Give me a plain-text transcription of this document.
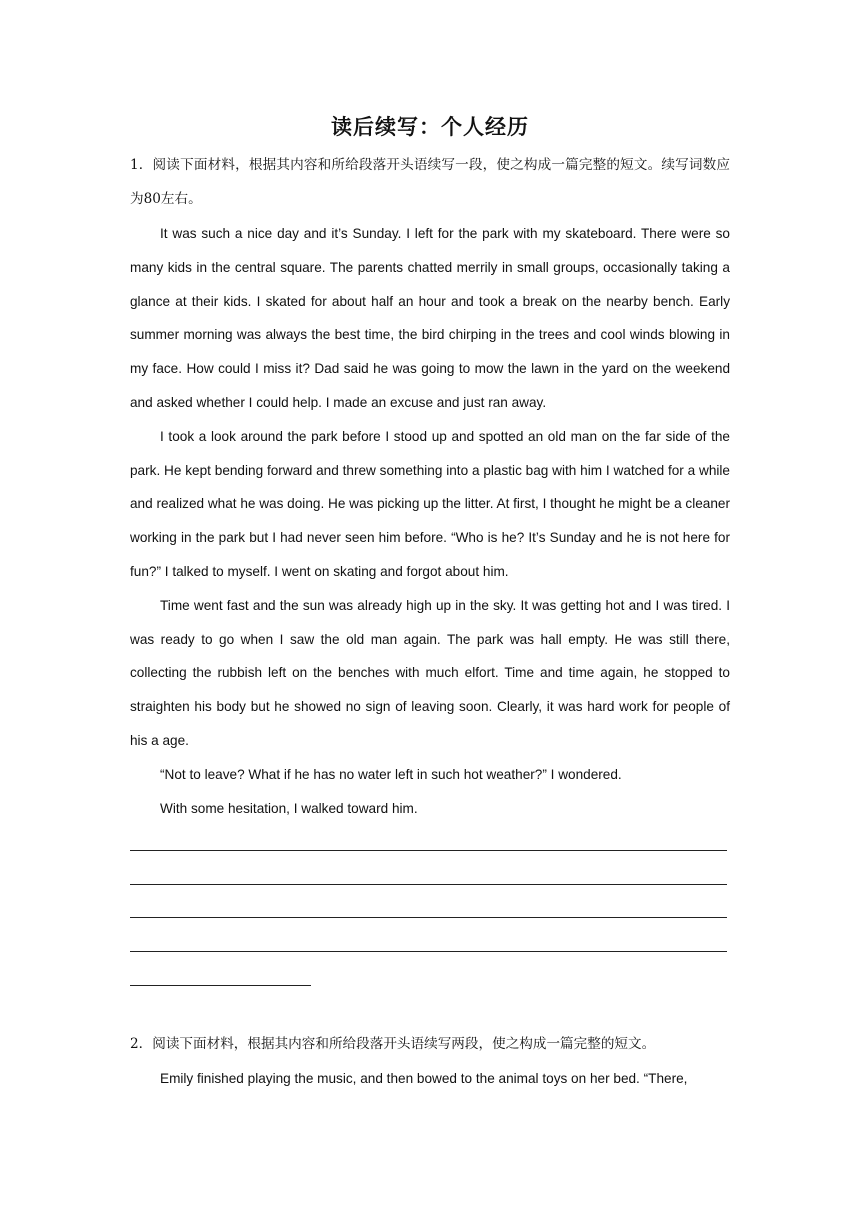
读后续写：个人经历
1．阅读下面材料，根据其内容和所给段落开头语续写一段，使之构成一篇完整的短文。续写词数应为80左右。

It was such a nice day and it’s Sunday. I left for the park with my skateboard. There were so many kids in the central square. The parents chatted merrily in small groups, occasionally taking a glance at their kids. I skated for about half an hour and took a break on the nearby bench. Early summer morning was always the best time, the bird chirping in the trees and cool winds blowing in my face. How could I miss it? Dad said he was going to mow the lawn in the yard on the weekend and asked whether I could help. I made an excuse and just ran away.

I took a look around the park before I stood up and spotted an old man on the far side of the park. He kept bending forward and threw something into a plastic bag with him I watched for a while and realized what he was doing. He was picking up the litter. At first, I thought he might be a cleaner working in the park but I had never seen him before. “Who is he? It’s Sunday and he is not here for fun?” I talked to myself. I went on skating and forgot about him.

Time went fast and the sun was already high up in the sky. It was getting hot and I was tired. I was ready to go when I saw the old man again. The park was hall empty. He was still there, collecting the rubbish left on the benches with much elfort. Time and time again, he stopped to straighten his body but he showed no sign of leaving soon. Clearly, it was hard work for people of his a age.

“Not to leave? What if he has no water left in such hot weather?” I wondered.

With some hesitation, I walked toward him.

2．阅读下面材料，根据其内容和所给段落开头语续写两段，使之构成一篇完整的短文。

Emily finished playing the music, and then bowed to the animal toys on her bed. “There,
